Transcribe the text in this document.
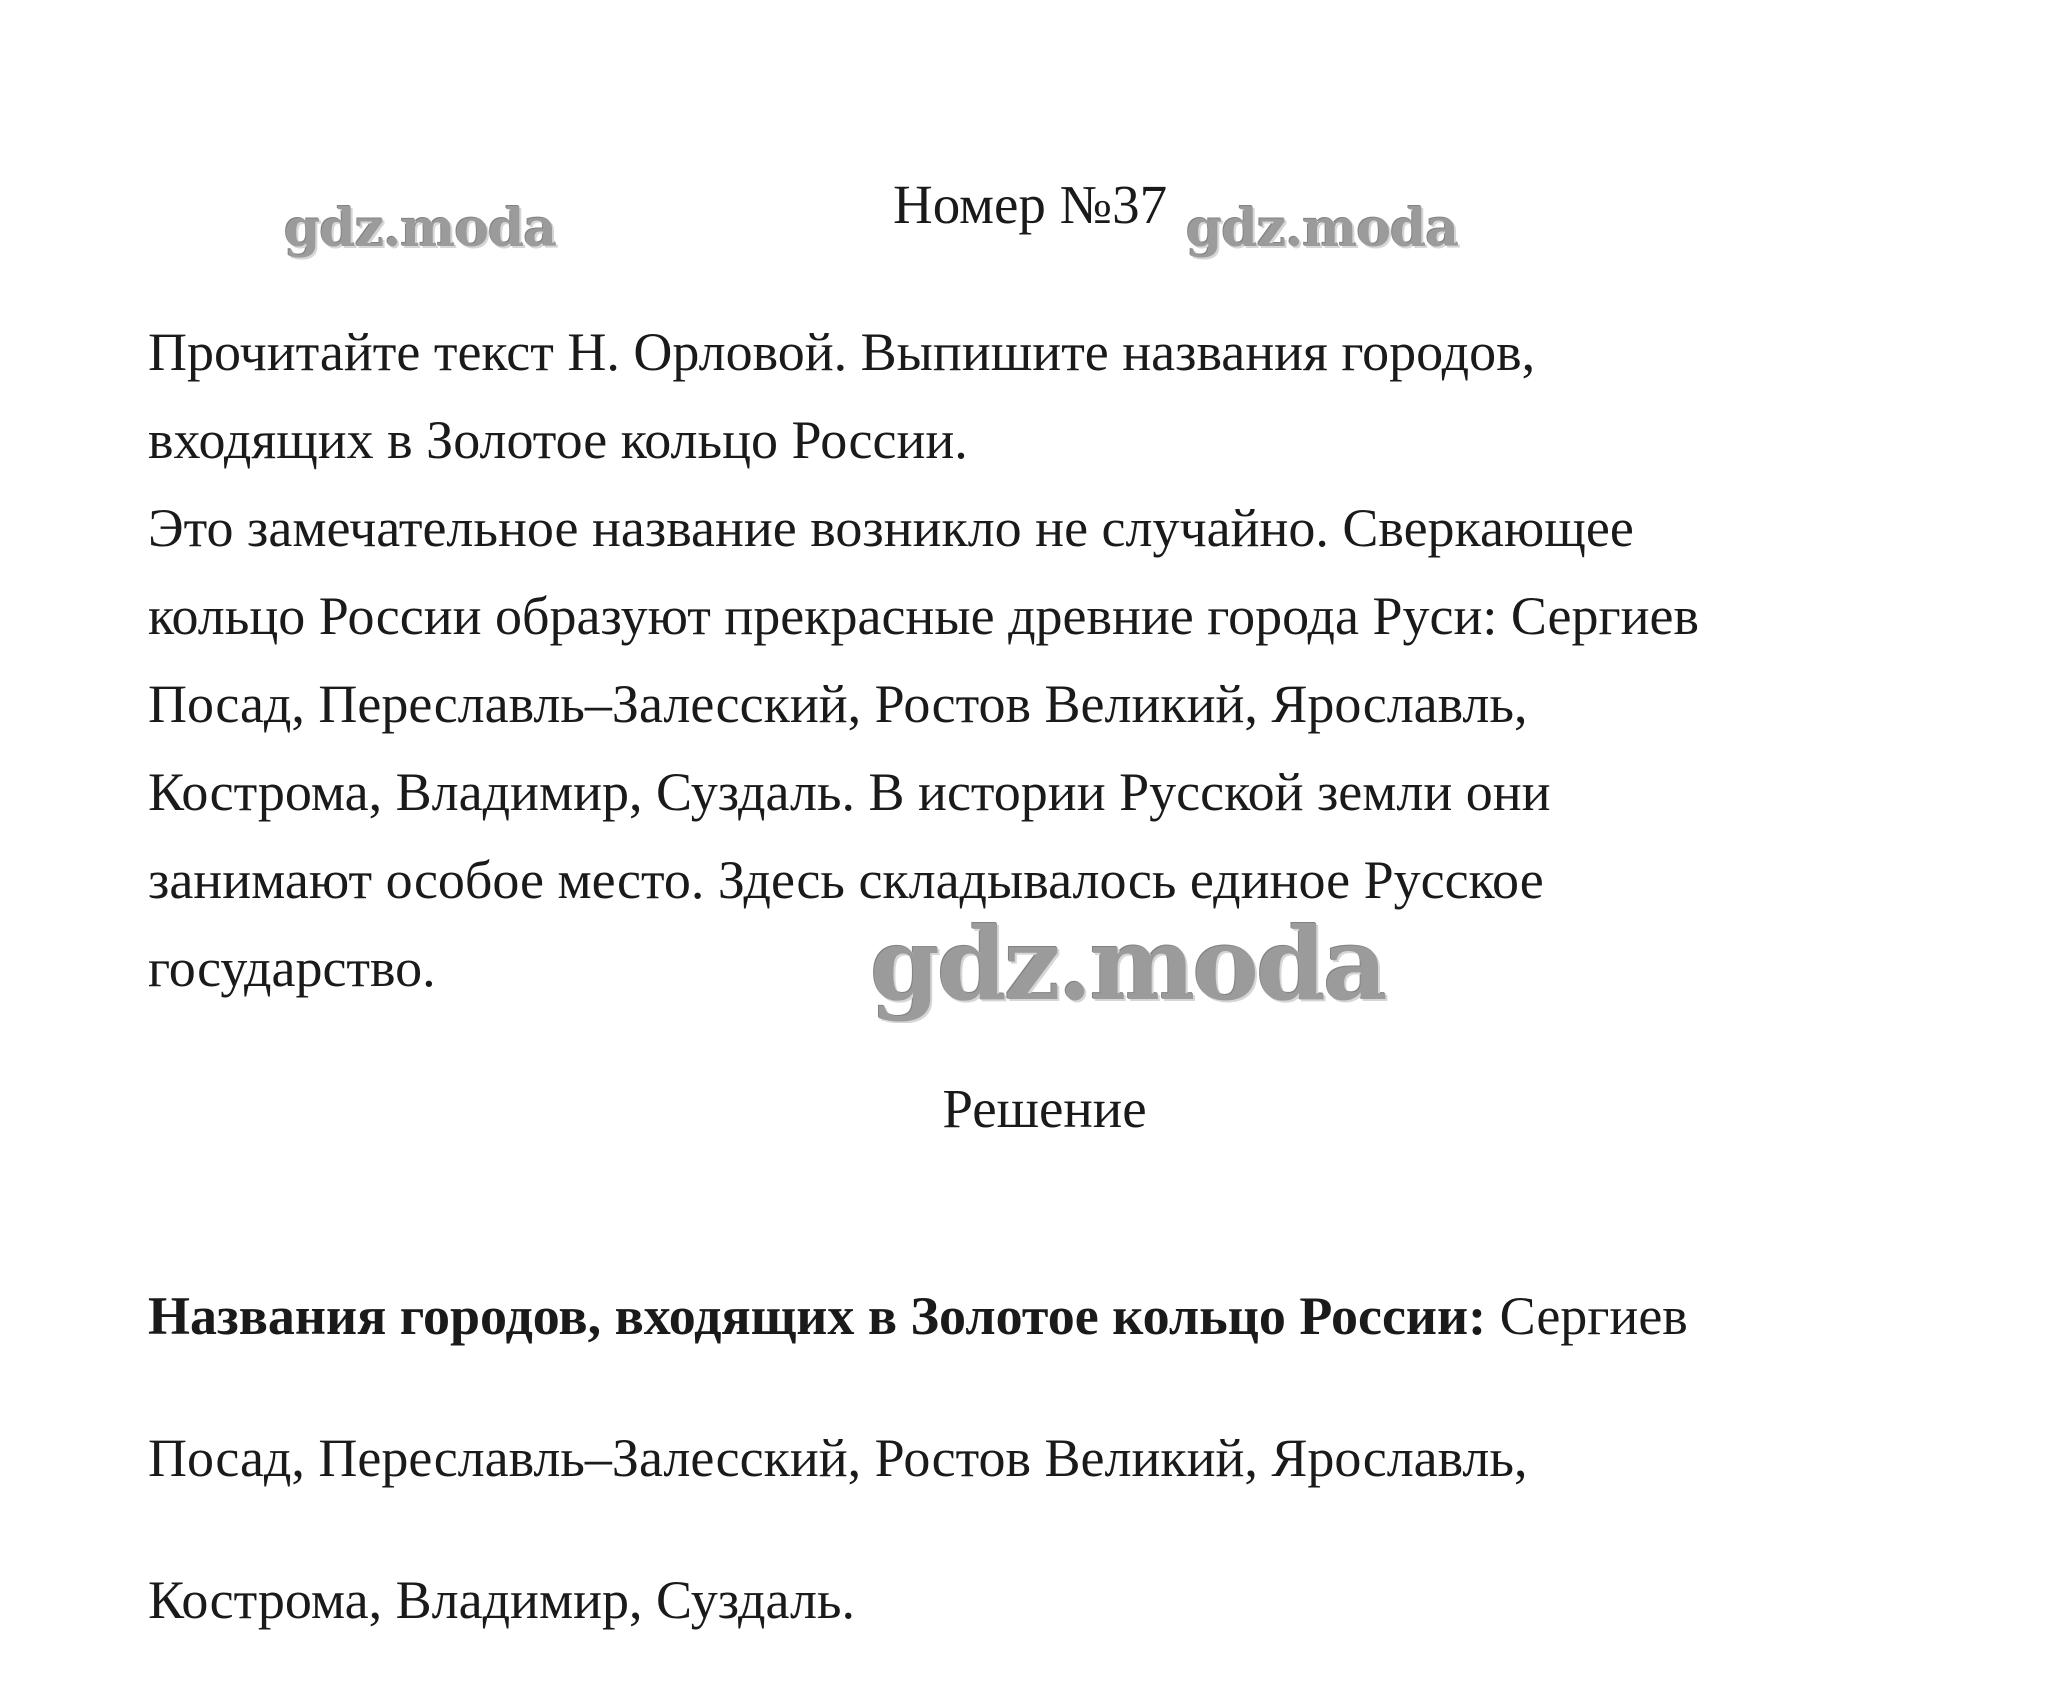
Номер №37
gdz.moda	gdz.moda

Прочитайте текст Н. Орловой. Выпишите названия городов,

входящих в Золотое кольцо России.

Это замечательное название возникло не случайно. Сверкающее

кольцо России образуют прекрасные древние города Руси: Сергиев

Посад, Переславль‒Залесский, Ростов Великий, Ярославль,

Кострома, Владимир, Суздаль. В истории Русской земли они

занимают особое место. Здесь складывалось единое Русское

государство.	gdz.moda
Решение

Названия городов, входящих в Золотое кольцо России: Сергиев

Посад, Переславль‒Залесский, Ростов Великий, Ярославль,

Кострома, Владимир, Суздаль.
